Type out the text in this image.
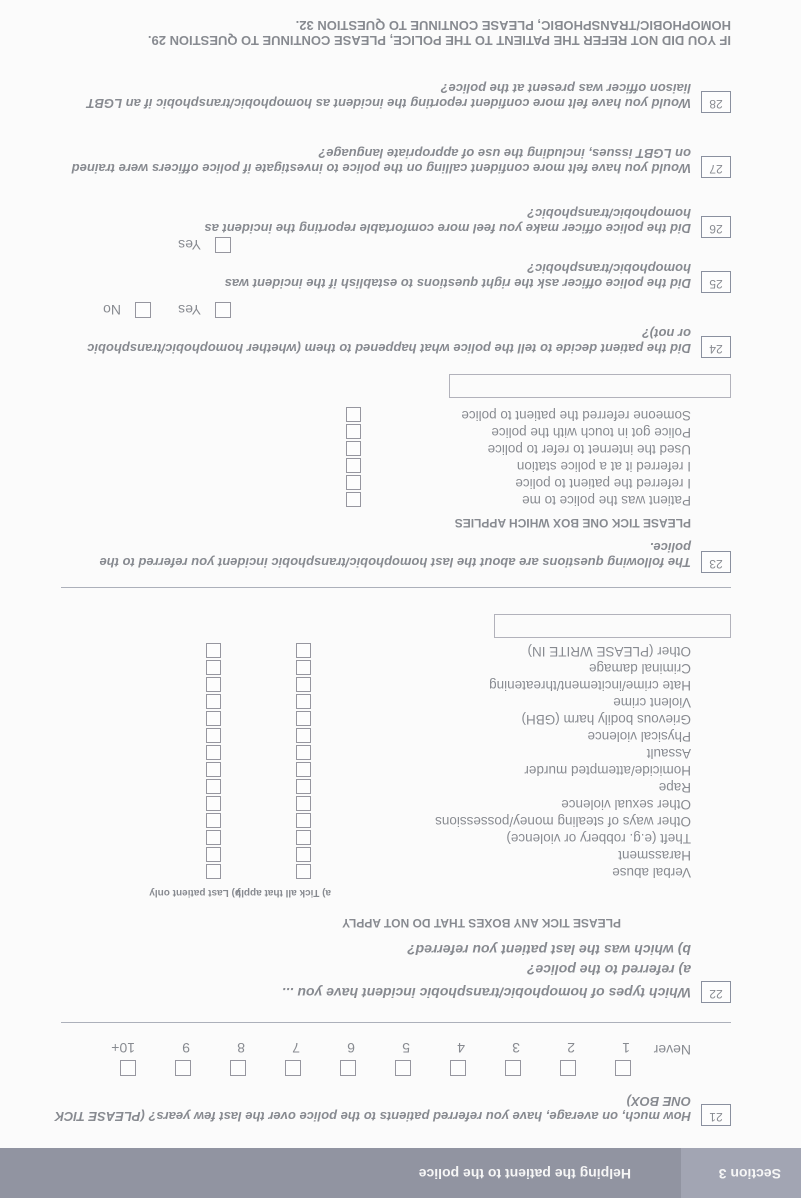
Section 3
Helping the patient to the police
21
How much, on average, have you referred patients to the police over the last few years? (PLEASE TICK ONE BOX)
Never
1
2
3
4
5
6
7
8
9
10+
22
Which types of homophobic/transphobic incident have you ...
a) referred to the police?
b) which was the last patient you referred?
PLEASE TICK ANY BOXES THAT DO NOT APPLY
a) Tick all that apply
b) Last patient only
Verbal abuse
Harassment
Theft (e.g. robbery or violence)
Other ways of stealing money/possessions
Other sexual violence
Rape
Homicide/attempted murder
Assault
Physical violence
Grievous bodily harm (GBH)
Violent crime
Hate crime/incitement/threatening
Criminal damage
Other (PLEASE WRITE IN)
23
The following questions are about the last homophobic/transphobic incident you referred to the police.
PLEASE TICK ONE BOX WHICH APPLIES
Patient was the police to me
I referred the patient to police
I referred it at a police station
Used the internet to refer to police
Police got in touch with the police
Someone referred the patient to police
24
Did the patient decide to tell the police what happened to them (whether homophobic/transphobic or not)?
Yes
No
25
Did the police officer ask the right questions to establish if the incident was homophobic/transphobic?
Yes
26
Did the police officer make you feel more comfortable reporting the incident as homophobic/transphobic?
27
Would you have felt more confident calling on the police to investigate if police officers were trained on LGBT issues, including the use of appropriate language?
28
Would you have felt more confident reporting the incident as homophobic/transphobic if an LGBT liaison officer was present at the police?
IF YOU DID NOT REFER THE PATIENT TO THE POLICE, PLEASE CONTINUE TO QUESTION 29. HOMOPHOBIC/TRANSPHOBIC, PLEASE CONTINUE TO QUESTION 32.
